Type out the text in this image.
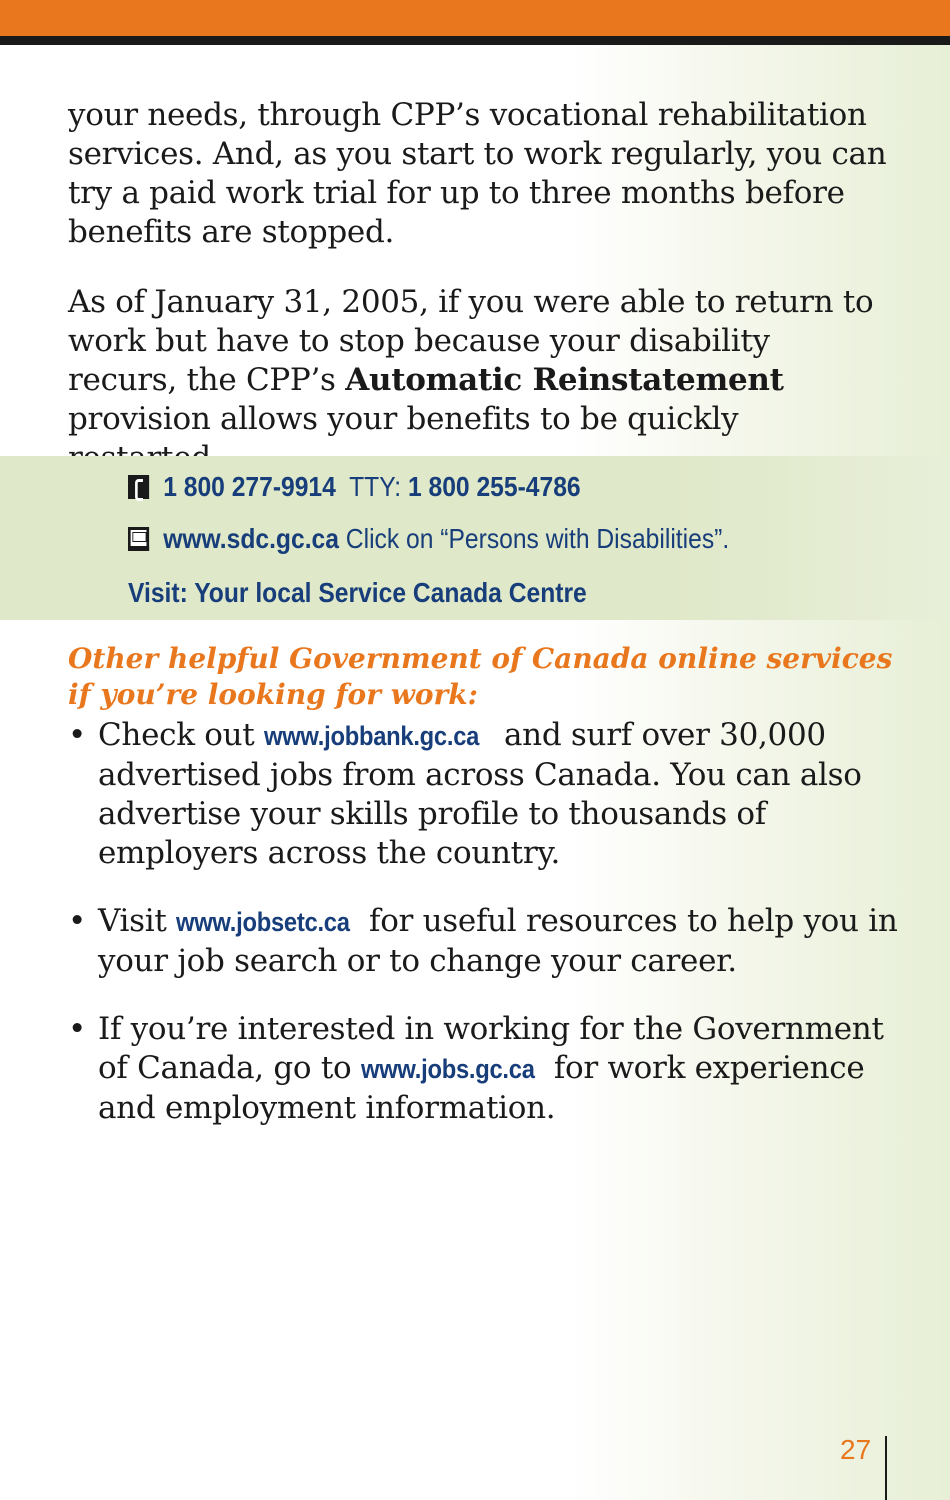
your needs, through CPP’s vocational rehabilitation services. And, as you start to work regularly, you can try a paid work trial for up to three months before benefits are stopped.

As of January 31, 2005, if you were able to return to work but have to stop because your disability recurs, the CPP’s Automatic Reinstatement provision allows your benefits to be quickly

1 800 277-9914 TTY: 1 800 255-4786
www.sdc.gc.ca Click on “Persons with Disabilities”.
Visit: Your local Service Canada Centre

Other helpful Government of Canada online services if you’re looking for work:

• Check out www.jobbank.gc.ca and surf over 30,000 advertised jobs from across Canada. You can also advertise your skills profile to thousands of employers across the country.
• Visit www.jobsetc.ca for useful resources to help you in your job search or to change your career.
• If you’re interested in working for the Government of Canada, go to www.jobs.gc.ca for work experience and employment information.
27
